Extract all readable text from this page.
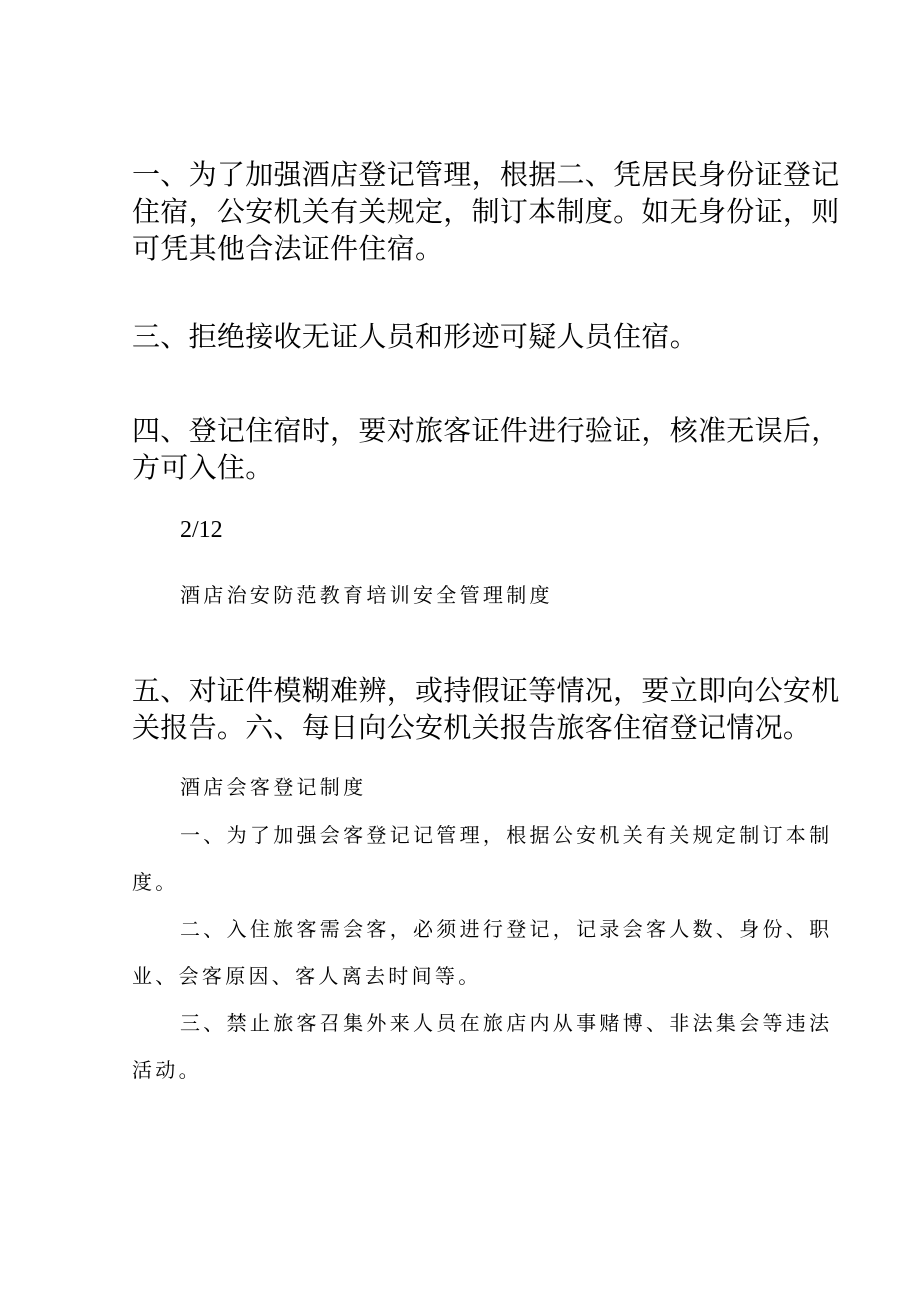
一、为了加强酒店登记管理，根据二、凭居民身份证登记
住宿，公安机关有关规定，制订本制度。如无身份证，则
可凭其他合法证件住宿。

三、拒绝接收无证人员和形迹可疑人员住宿。

四、登记住宿时，要对旅客证件进行验证，核准无误后，
方可入住。

2/12

酒店治安防范教育培训安全管理制度

五、对证件模糊难辨，或持假证等情况，要立即向公安机
关报告。六、每日向公安机关报告旅客住宿登记情况。

酒店会客登记制度

一、为了加强会客登记记管理，根据公安机关有关规定制订本制
度。

二、入住旅客需会客，必须进行登记，记录会客人数、身份、职
业、会客原因、客人离去时间等。

三、禁止旅客召集外来人员在旅店内从事赌博、非法集会等违法
活动。
